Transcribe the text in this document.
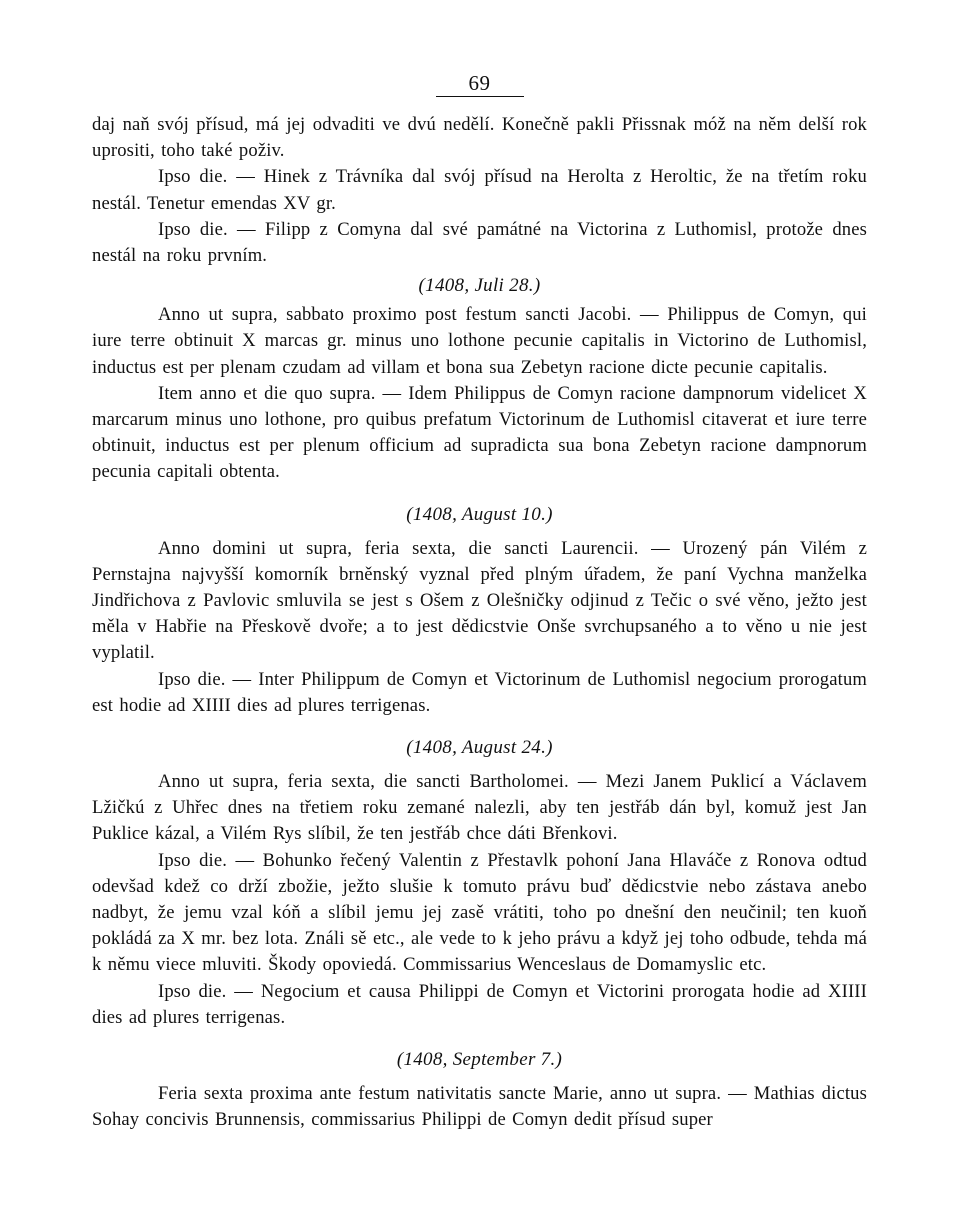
69

daj naň svój přísud, má jej odvaditi ve dvú nedělí. Konečně pakli Přissnak móž na něm delší rok uprositi, toho také poživ.

Ipso die. — Hinek z Trávníka dal svój přísud na Herolta z Heroltic, že na třetím roku nestál. Tenetur emendas XV gr.

Ipso die. — Filipp z Comyna dal své památné na Victorina z Luthomisl, protože dnes nestál na roku prvním.

(1408, Juli 28.)

Anno ut supra, sabbato proximo post festum sancti Jacobi. — Philippus de Comyn, qui iure terre obtinuit X marcas gr. minus uno lothone pecunie capitalis in Victorino de Luthomisl, inductus est per plenam czudam ad villam et bona sua Zebetyn racione dicte pecunie capitalis.

Item anno et die quo supra. — Idem Philippus de Comyn racione dampnorum videlicet X marcarum minus uno lothone, pro quibus prefatum Victorinum de Luthomisl citaverat et iure terre obtinuit, inductus est per plenum officium ad supradicta sua bona Zebetyn racione dampnorum pecunia capitali obtenta.

(1408, August 10.)

Anno domini ut supra, feria sexta, die sancti Laurencii. — Urozený pán Vilém z Pernstajna najvyšší komorník brněnský vyznal před plným úřadem, že paní Vychna manželka Jindřichova z Pavlovic smluvila se jest s Ošem z Olešničky odjinud z Tečic o své věno, ježto jest měla v Habřie na Přeskově dvoře; a to jest dědicstvie Onše svrchupsaného a to věno u nie jest vyplatil.

Ipso die. — Inter Philippum de Comyn et Victorinum de Luthomisl negocium prorogatum est hodie ad XIIII dies ad plures terrigenas.

(1408, August 24.)

Anno ut supra, feria sexta, die sancti Bartholomei. — Mezi Janem Puklicí a Václavem Lžičkú z Uhřec dnes na třetiem roku zemané nalezli, aby ten jestřáb dán byl, komuž jest Jan Puklice kázal, a Vilém Rys slíbil, že ten jestřáb chce dáti Břenkovi.

Ipso die. — Bohunko řečený Valentin z Přestavlk pohoní Jana Hlaváče z Ronova odtud odevšad kdež co drží zbožie, ježto slušie k tomuto právu buď dědicstvie nebo zástava anebo nadbyt, že jemu vzal kóň a slíbil jemu jej zasě vrátiti, toho po dnešní den neučinil; ten kuoň pokládá za X mr. bez lota. Ználi sě etc., ale vede to k jeho právu a když jej toho odbude, tehda má k němu viece mluviti. Škody opoviedá. Commissarius Wenceslaus de Domamyslic etc.

Ipso die. — Negocium et causa Philippi de Comyn et Victorini prorogata hodie ad XIIII dies ad plures terrigenas.

(1408, September 7.)

Feria sexta proxima ante festum nativitatis sancte Marie, anno ut supra. — Mathias dictus Sohay concivis Brunnensis, commissarius Philippi de Comyn dedit přísud super
